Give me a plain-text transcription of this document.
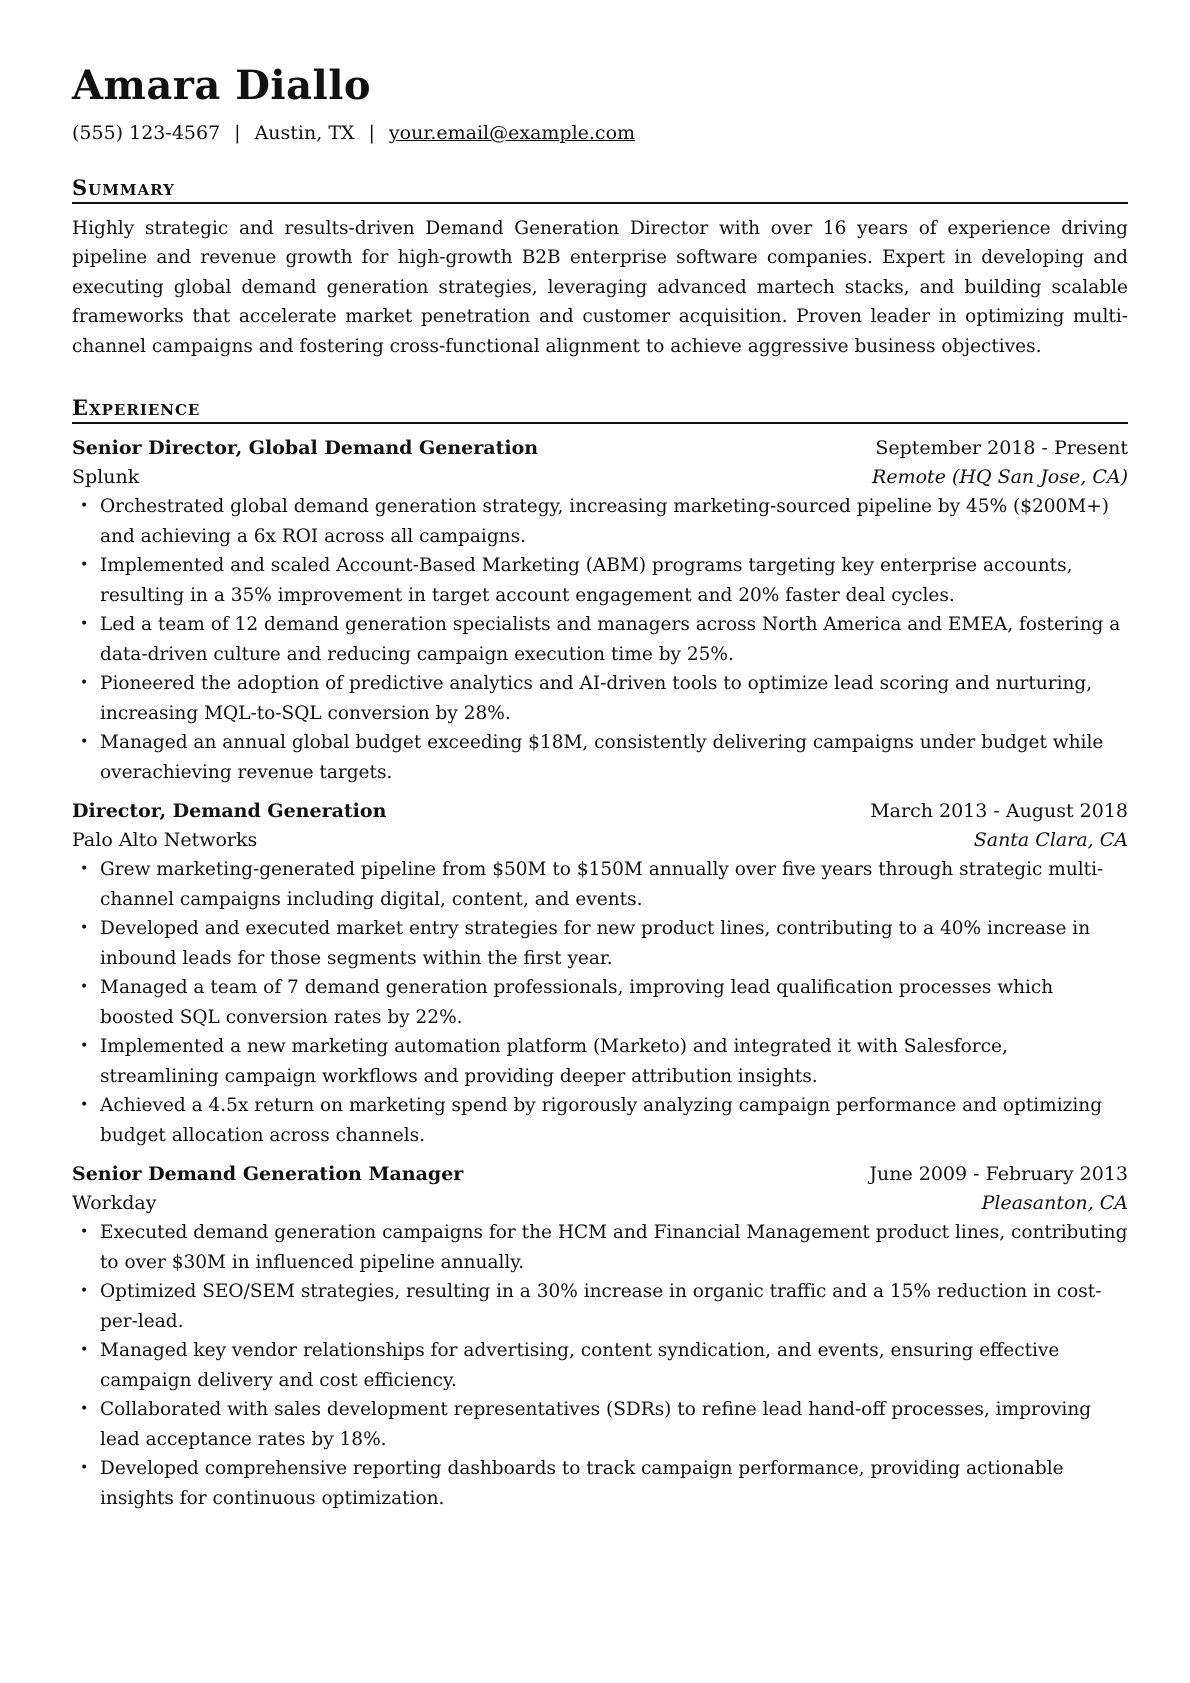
Amara Diallo
(555) 123-4567 | Austin, TX | your.email@example.com
Summary
Highly strategic and results-driven Demand Generation Director with over 16 years of experience driving pipeline and revenue growth for high-growth B2B enterprise software companies. Expert in developing and executing global demand generation strategies, leveraging advanced martech stacks, and building scalable frameworks that accelerate market penetration and customer acquisition. Proven leader in optimizing multi-channel campaigns and fostering cross-functional alignment to achieve aggressive business objectives.
Experience
Senior Director, Global Demand Generation	September 2018 - Present
Splunk	Remote (HQ San Jose, CA)
• Orchestrated global demand generation strategy, increasing marketing-sourced pipeline by 45% ($200M+) and achieving a 6x ROI across all campaigns.
• Implemented and scaled Account-Based Marketing (ABM) programs targeting key enterprise accounts, resulting in a 35% improvement in target account engagement and 20% faster deal cycles.
• Led a team of 12 demand generation specialists and managers across North America and EMEA, fostering a data-driven culture and reducing campaign execution time by 25%.
• Pioneered the adoption of predictive analytics and AI-driven tools to optimize lead scoring and nurturing, increasing MQL-to-SQL conversion by 28%.
• Managed an annual global budget exceeding $18M, consistently delivering campaigns under budget while overachieving revenue targets.
Director, Demand Generation	March 2013 - August 2018
Palo Alto Networks	Santa Clara, CA
• Grew marketing-generated pipeline from $50M to $150M annually over five years through strategic multi-channel campaigns including digital, content, and events.
• Developed and executed market entry strategies for new product lines, contributing to a 40% increase in inbound leads for those segments within the first year.
• Managed a team of 7 demand generation professionals, improving lead qualification processes which boosted SQL conversion rates by 22%.
• Implemented a new marketing automation platform (Marketo) and integrated it with Salesforce, streamlining campaign workflows and providing deeper attribution insights.
• Achieved a 4.5x return on marketing spend by rigorously analyzing campaign performance and optimizing budget allocation across channels.
Senior Demand Generation Manager	June 2009 - February 2013
Workday	Pleasanton, CA
• Executed demand generation campaigns for the HCM and Financial Management product lines, contributing to over $30M in influenced pipeline annually.
• Optimized SEO/SEM strategies, resulting in a 30% increase in organic traffic and a 15% reduction in cost-per-lead.
• Managed key vendor relationships for advertising, content syndication, and events, ensuring effective campaign delivery and cost efficiency.
• Collaborated with sales development representatives (SDRs) to refine lead hand-off processes, improving lead acceptance rates by 18%.
• Developed comprehensive reporting dashboards to track campaign performance, providing actionable insights for continuous optimization.
